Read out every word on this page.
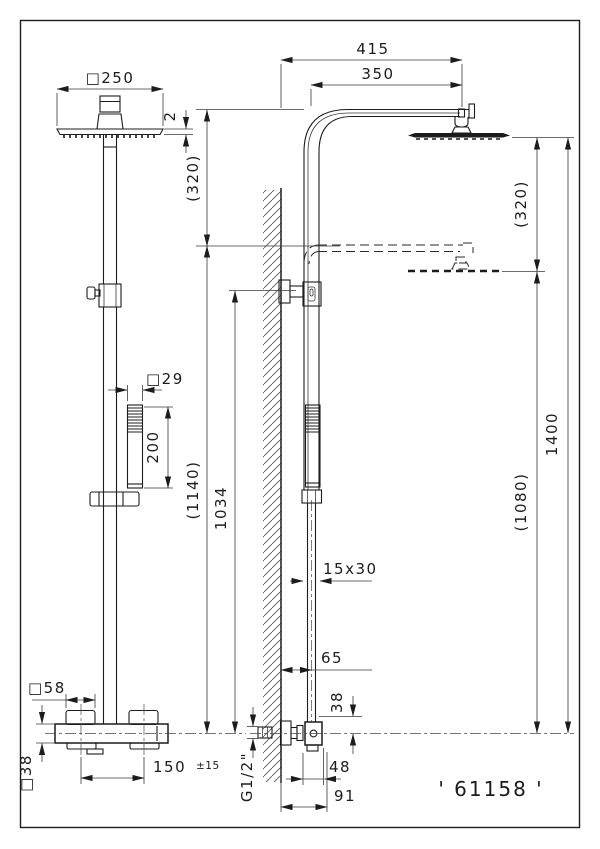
□250
2
(320)
(1140) 1034
□29
200
□58
□38	150 ±15
415
350
(320)
(1080)
1400
15x30
65
38
48
91
G1/2"	' 61158 '
